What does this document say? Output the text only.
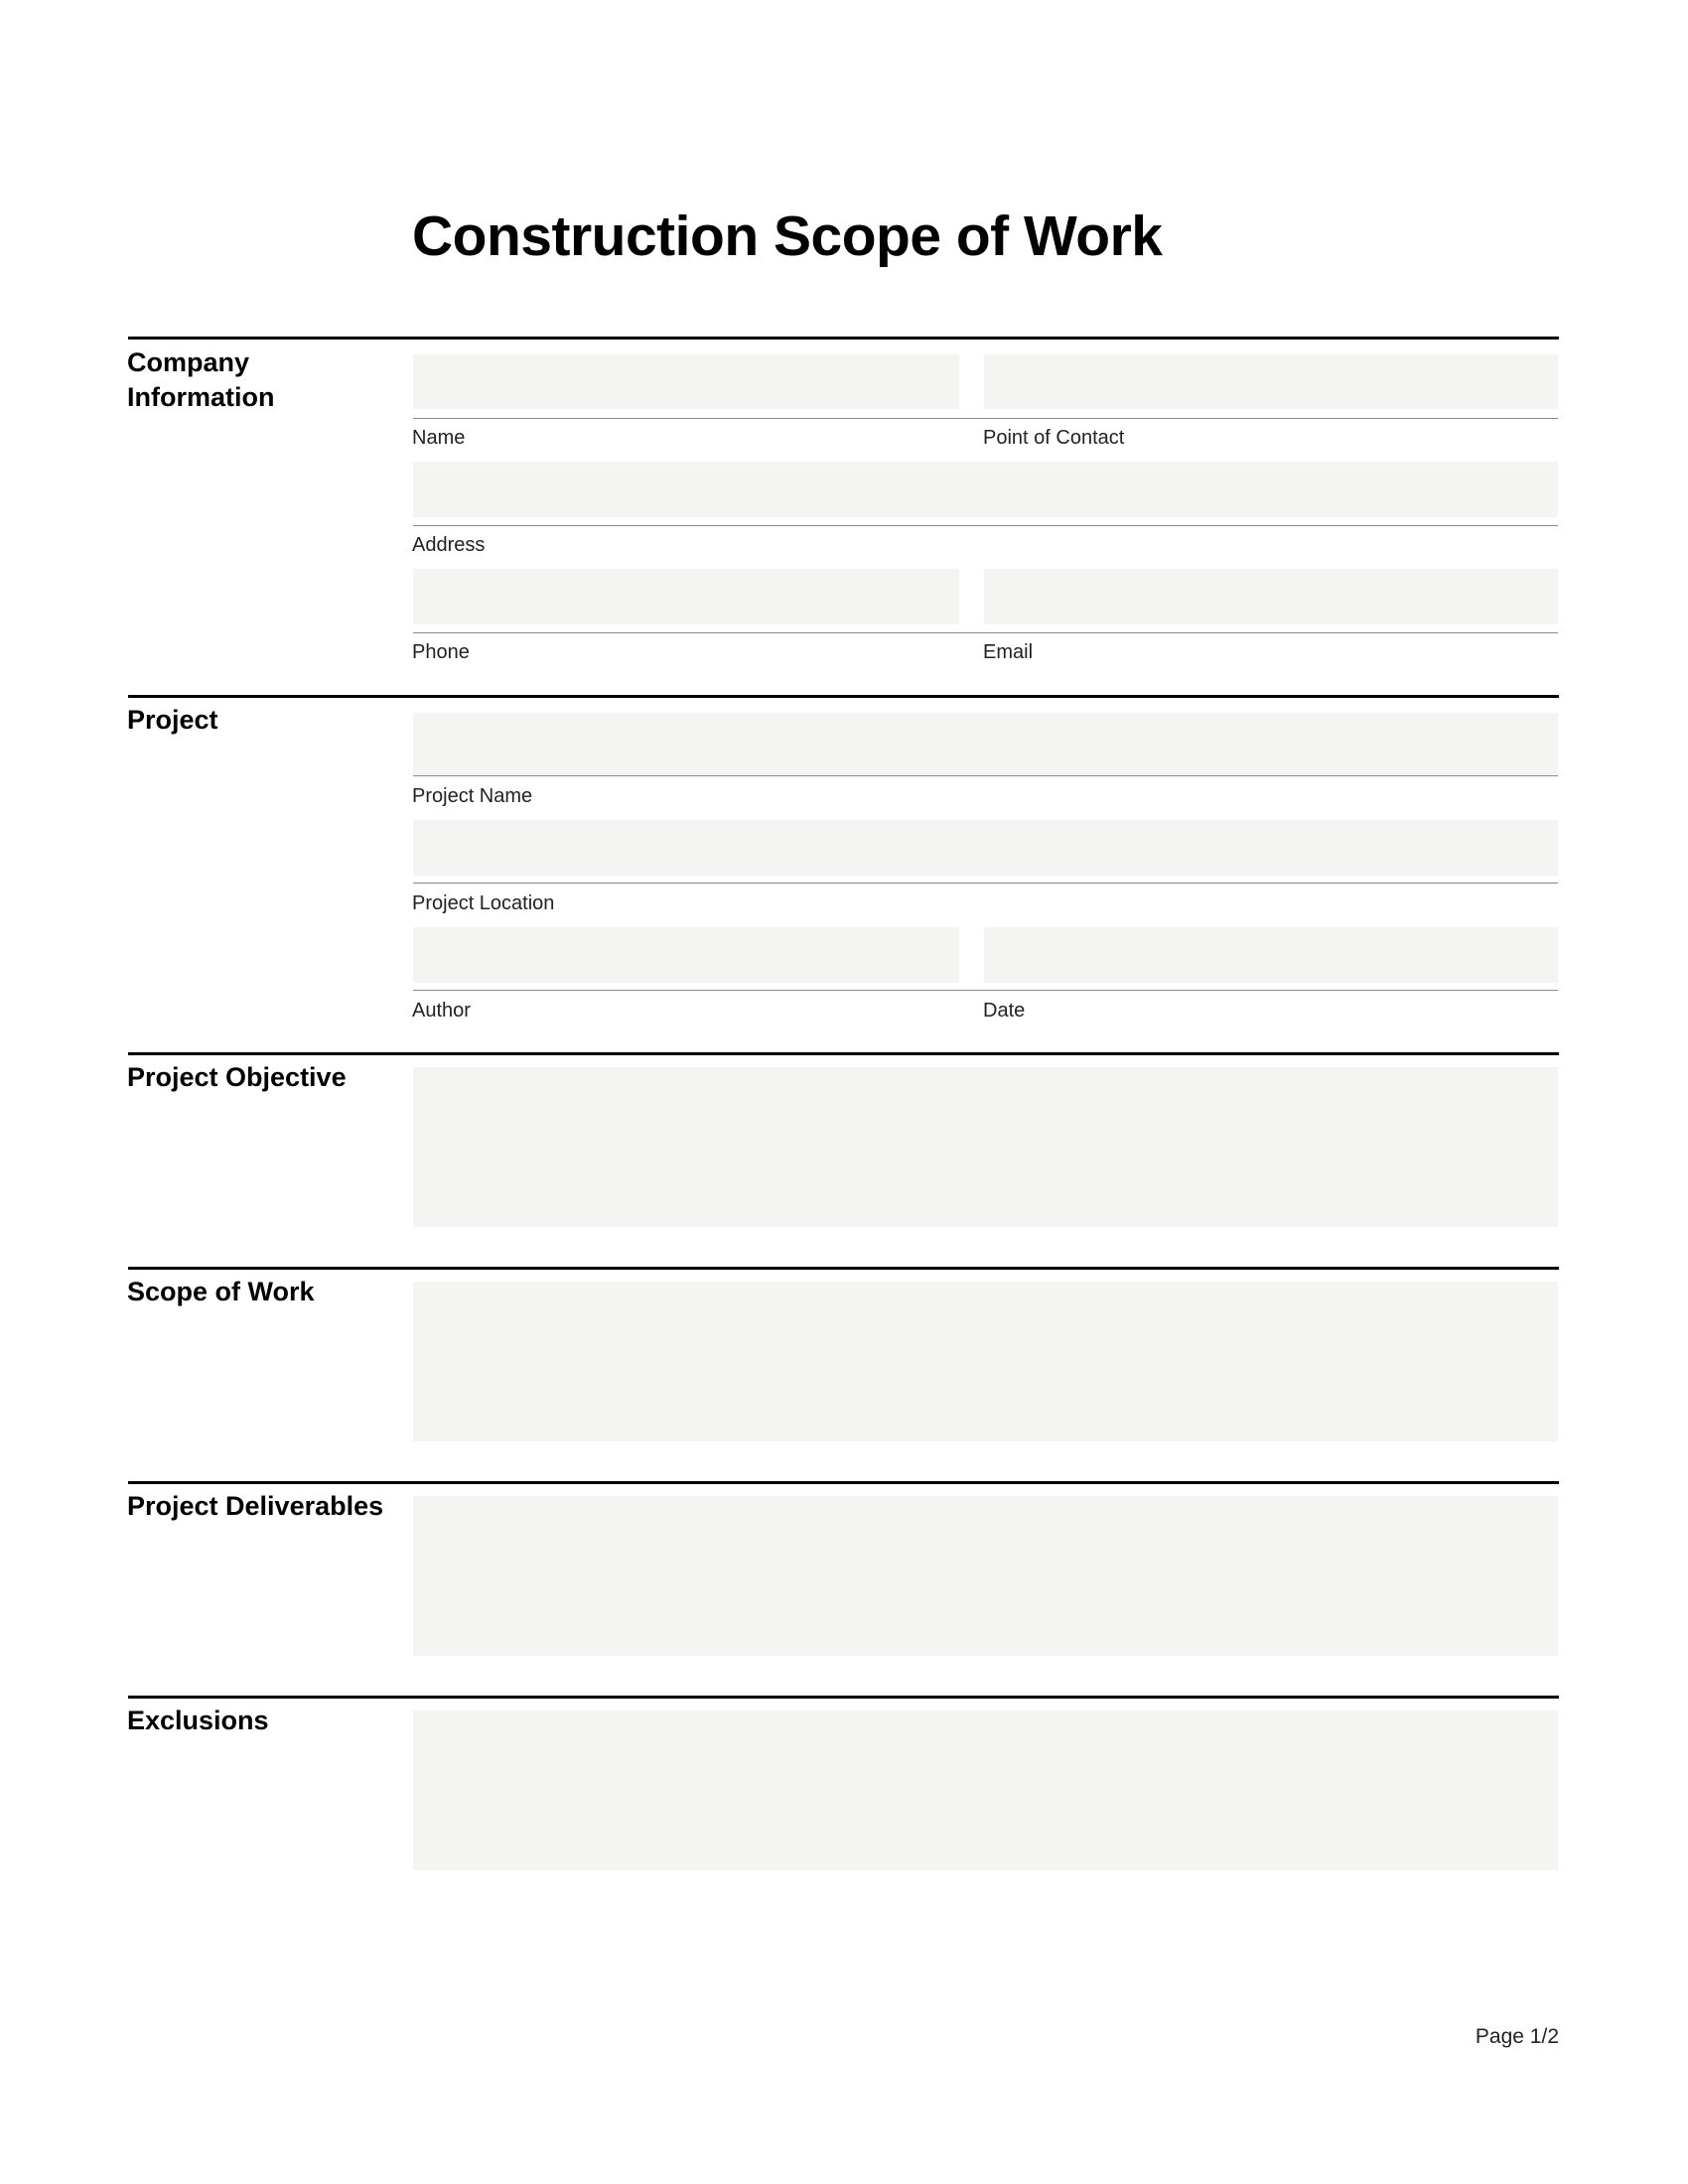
Construction Scope of Work
Company Information
Name	Point of Contact
Address
Phone	Email
Project
Project Name
Project Location
Author	Date
Project Objective
Scope of Work
Project Deliverables
Exclusions
Page 1/2
